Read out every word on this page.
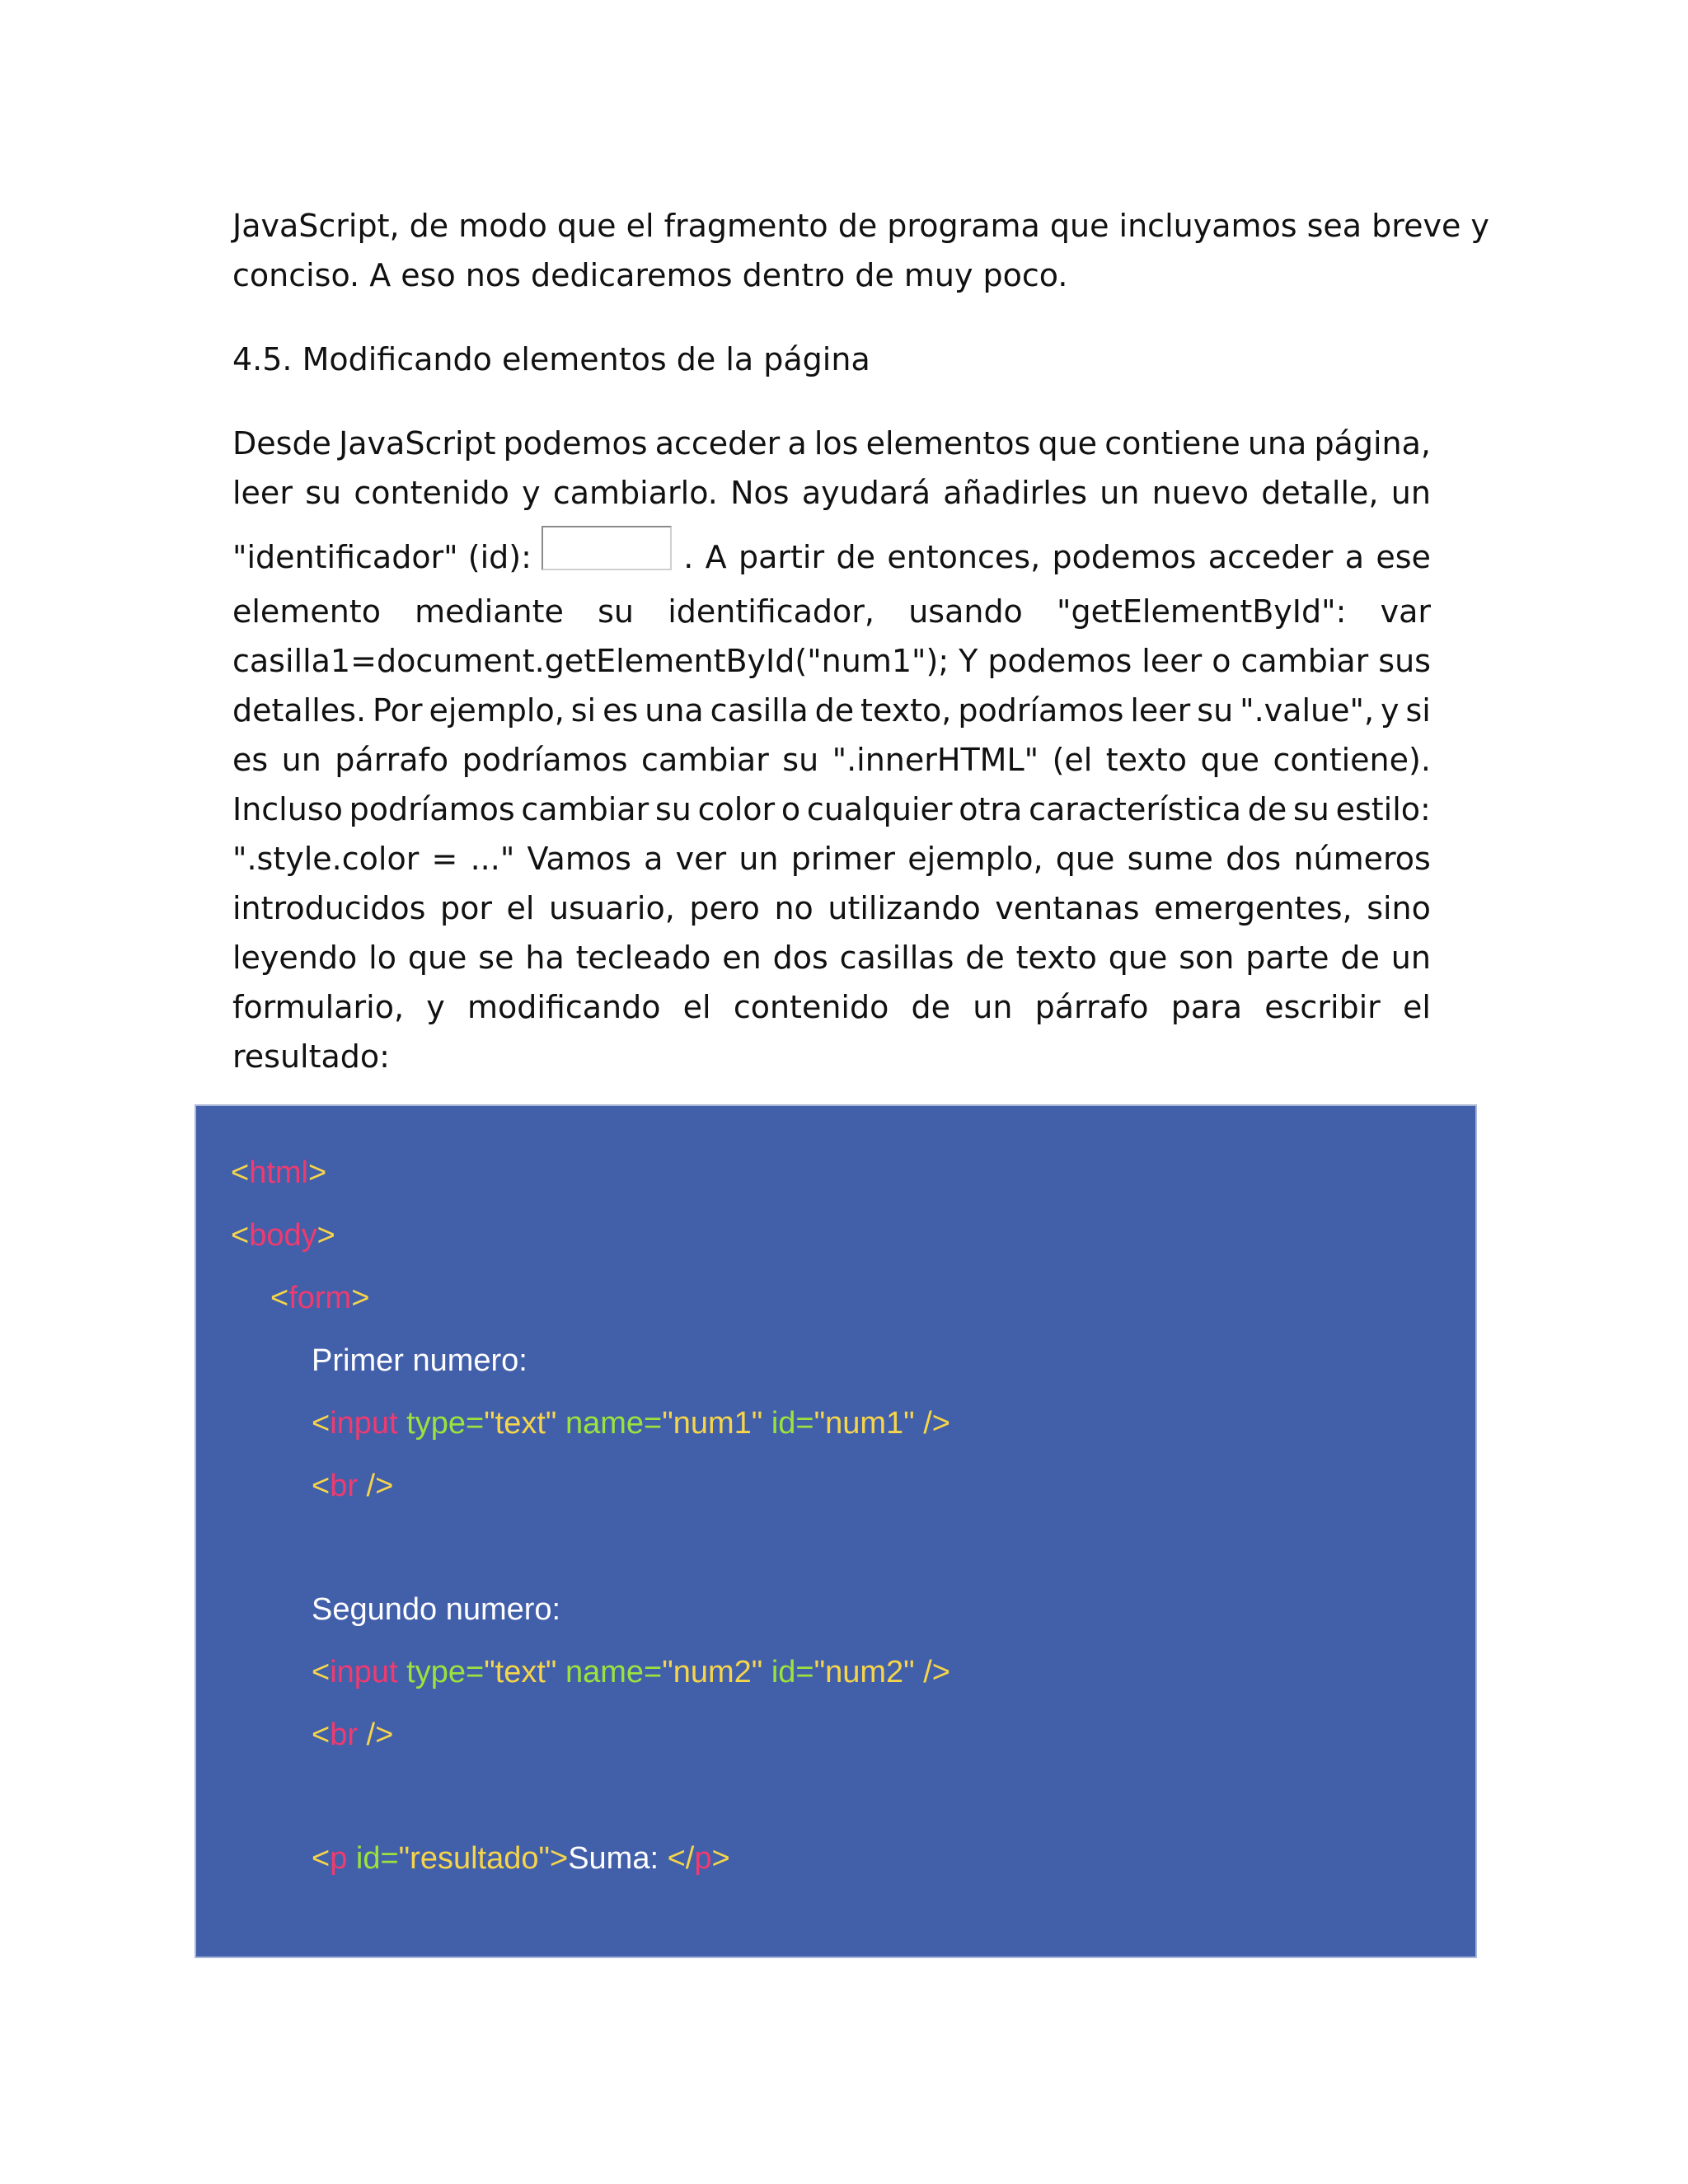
JavaScript, de modo que el fragmento de programa que incluyamos sea breve y
conciso. A eso nos dedicaremos dentro de muy poco.
4.5. Modificando elementos de la página
Desde JavaScript podemos acceder a los elementos que contiene una página,
leer su contenido y cambiarlo. Nos ayudará añadirles un nuevo detalle, un
"identificador" (id):	. A partir de entonces, podemos acceder a ese
elemento mediante su identificador, usando "getElementById": var
casilla1=document.getElementById("num1"); Y podemos leer o cambiar sus
detalles. Por ejemplo, si es una casilla de texto, podríamos leer su ".value", y si
es un párrafo podríamos cambiar su ".innerHTML" (el texto que contiene).
Incluso podríamos cambiar su color o cualquier otra característica de su estilo:
".style.color = ..." Vamos a ver un primer ejemplo, que sume dos números
introducidos por el usuario, pero no utilizando ventanas emergentes, sino
leyendo lo que se ha tecleado en dos casillas de texto que son parte de un
formulario, y modificando el contenido de un párrafo para escribir el
resultado:
<html>
<body>
<form>
Primer numero:
<input type="text" name="num1" id="num1" />
<br />
Segundo numero:
<input type="text" name="num2" id="num2" />
<br />
<p id="resultado">Suma: </p>
